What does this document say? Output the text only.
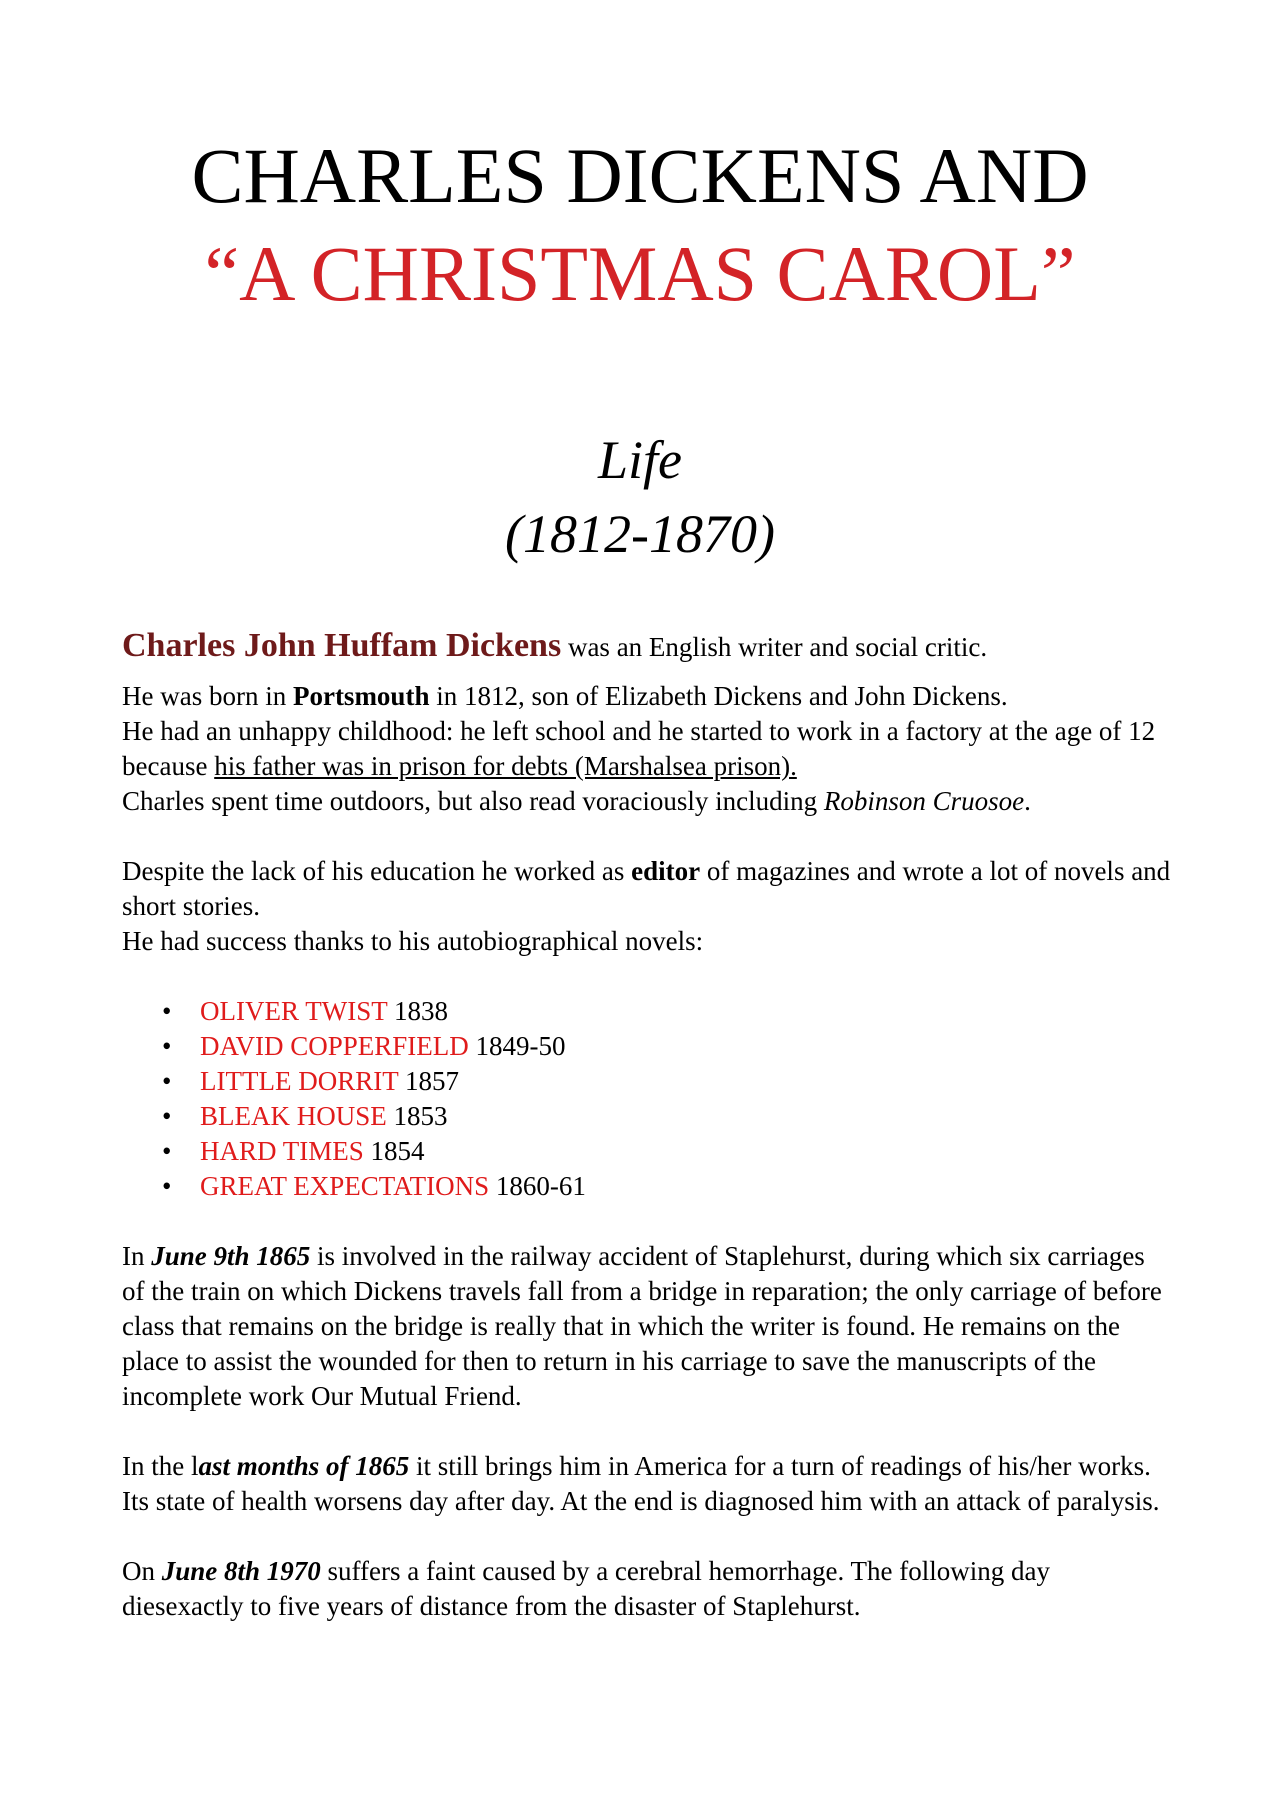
CHARLES DICKENS AND
“A CHRISTMAS CAROL”
Life
(1812-1870)

Charles John Huffam Dickens was an English writer and social critic.

He was born in Portsmouth in 1812, son of Elizabeth Dickens and John Dickens.

He had an unhappy childhood: he left school and he started to work in a factory at the age of 12 because his father was in prison for debts (Marshalsea prison).

Charles spent time outdoors, but also read voraciously including Robinson Cruosoe.

Despite the lack of his education he worked as editor of magazines and wrote a lot of novels and short stories.

He had success thanks to his autobiographical novels:

• OLIVER TWIST 1838
• DAVID COPPERFIELD 1849-50
• LITTLE DORRIT 1857
• BLEAK HOUSE 1853
• HARD TIMES 1854
• GREAT EXPECTATIONS 1860-61

In June 9th 1865 is involved in the railway accident of Staplehurst, during which six carriages of the train on which Dickens travels fall from a bridge in reparation; the only carriage of before class that remains on the bridge is really that in which the writer is found. He remains on the place to assist the wounded for then to return in his carriage to save the manuscripts of the incomplete work Our Mutual Friend.

In the last months of 1865 it still brings him in America for a turn of readings of his/her works. Its state of health worsens day after day. At the end is diagnosed him with an attack of paralysis.

On June 8th 1970 suffers a faint caused by a cerebral hemorrhage. The following day diesexactly to five years of distance from the disaster of Staplehurst.
